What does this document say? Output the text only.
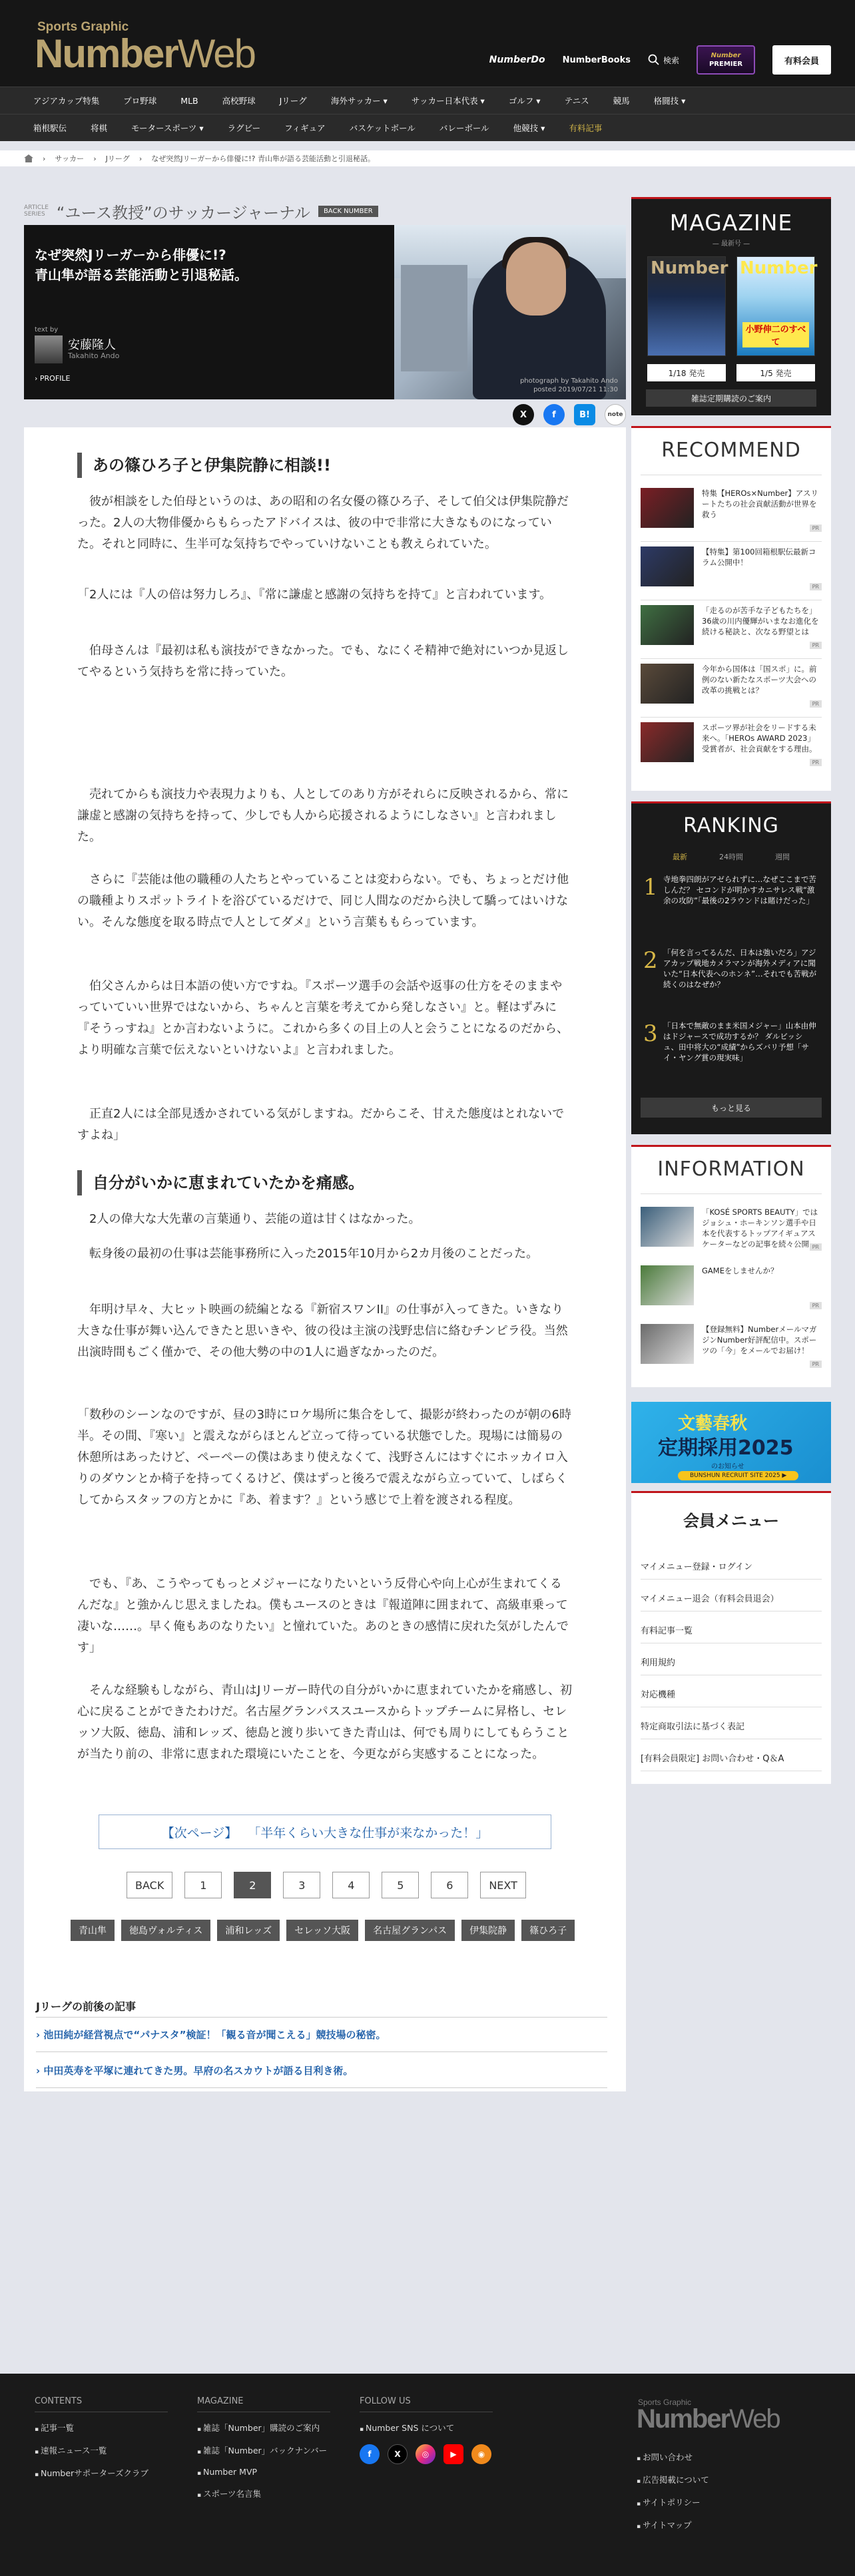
Sports Graphic
NumberWeb	NumberDo NumberBooks	検索	Number
PREMIER	有料会員
アジアカップ特集	プロ野球	MLB	高校野球	Jリーグ	海外サッカー ▾	サッカー日本代表 ▾	ゴルフ ▾	テニス	競馬	格闘技 ▾
箱根駅伝	将棋	モータースポーツ ▾	ラグビー	フィギュア	バスケットボール	バレーボール	他競技 ▾	有料記事
› サッカー › Jリーグ › なぜ突然Jリーガーから俳優に!? 青山隼が語る芸能活動と引退秘話。
ARTICLE
SERIES “ユース教授”のサッカージャーナル	BACK NUMBER
なぜ突然Jリーガーから俳優に!?
青山隼が語る芸能活動と引退秘話。
text by
安藤隆人
Takahito Ando
› PROFILE	photograph by Takahito Ando
posted 2019/07/21 11:30
X	f	B!	note
あの篠ひろ子と伊集院静に相談!!

彼が相談をした伯母というのは、あの昭和の名女優の篠ひろ子、そして伯父は伊集院静だった。2人の大物俳優からもらったアドバイスは、彼の中で非常に大きなものになっていた。それと同時に、生半可な気持ちでやっていけないことも教えられていた。

「2人には『人の倍は努力しろ』、『常に謙虚と感謝の気持ちを持て』と言われています。

伯母さんは『最初は私も演技ができなかった。でも、なにくそ精神で絶対にいつか見返してやるという気持ちを常に持っていた。

売れてからも演技力や表現力よりも、人としてのあり方がそれらに反映されるから、常に謙虚と感謝の気持ちを持って、少しでも人から応援されるようにしなさい』と言われました。

さらに『芸能は他の職種の人たちとやっていることは変わらない。でも、ちょっとだけ他の職種よりスポットライトを浴びているだけで、同じ人間なのだから決して驕ってはいけない。そんな態度を取る時点で人としてダメ』という言葉ももらっています。

伯父さんからは日本語の使い方ですね。『スポーツ選手の会話や返事の仕方をそのままやっていていい世界ではないから、ちゃんと言葉を考えてから発しなさい』と。軽はずみに『そうっすね』とか言わないように。これから多くの目上の人と会うことになるのだから、より明確な言葉で伝えないといけないよ』と言われました。

正直2人には全部見透かされている気がしますね。だからこそ、甘えた態度はとれないですよね」

自分がいかに恵まれていたかを痛感。

2人の偉大な大先輩の言葉通り、芸能の道は甘くはなかった。

転身後の最初の仕事は芸能事務所に入った2015年10月から2カ月後のことだった。

年明け早々、大ヒット映画の続編となる『新宿スワンII』の仕事が入ってきた。いきなり大きな仕事が舞い込んできたと思いきや、彼の役は主演の浅野忠信に絡むチンピラ役。当然出演時間もごく僅かで、その他大勢の中の1人に過ぎなかったのだ。

「数秒のシーンなのですが、昼の3時にロケ場所に集合をして、撮影が終わったのが朝の6時半。その間、『寒い』と震えながらほとんど立って待っている状態でした。現場には簡易の休憩所はあったけど、ペーペーの僕はあまり使えなくて、浅野さんにはすぐにホッカイロ入りのダウンとか椅子を持ってくるけど、僕はずっと後ろで震えながら立っていて、しばらくしてからスタッフの方とかに『あ、着ます？』という感じで上着を渡される程度。

でも、『あ、こうやってもっとメジャーになりたいという反骨心や向上心が生まれてくるんだな』と強かんじ思えましたね。僕もユースのときは『報道陣に囲まれて、高級車乗って凄いな……。早く俺もあのなりたい』と憧れていた。あのときの感情に戻れた気がしたんです」

そんな経験もしながら、青山はJリーガー時代の自分がいかに恵まれていたかを痛感し、初心に戻ることができたわけだ。名古屋グランパススユースからトップチームに昇格し、セレッソ大阪、徳島、浦和レッズ、徳島と渡り歩いてきた青山は、何でも周りにしてもらうことが当たり前の、非常に恵まれた環境にいたことを、今更ながら実感することになった。

【次ページ】 「半年くらい大きな仕事が来なかった！」
BACK	1	2	3	4	5	6	NEXT
青山隼	徳島ヴォルティス	浦和レッズ	セレッソ大阪	名古屋グランパス	伊集院静	篠ひろ子
Jリーグの前後の記事
› 池田純が経営視点で“パナスタ”検証！「観る音が聞こえる」競技場の秘密。
› 中田英寿を平塚に連れてきた男。早府の名スカウトが語る目利き術。
MAGAZINE
— 最新号 —
Number Number
小野伸二のすべて
1/18 発売	1/5 発売
雑誌定期購読のご案内
RECOMMEND
特集【HEROs×Number】アスリートたちの社会貢献活動が世界を救う
PR
【特集】第100回箱根駅伝最新コラム公開中！
PR
「走るのが苦手な子どもたちを」36歳の川内優輝がいまなお進化を続ける秘訣と、次なる野望とは
PR
今年から国体は「国スポ」に。前例のない新たなスポーツ大会への改革の挑戦とは？
PR
スポーツ界が社会をリードする未来へ。「HEROs AWARD 2023」受賞者が、社会貢献をする理由。
PR
RANKING
最新	24時間	週間
もっと見る
1 寺地拳四朗がアゼられずに…なぜここまで苦しんだ？ セコンドが明かすカニサレス戦“激余の攻防”「最後の2ラウンドは賭けだった」
2 「何を言ってるんだ、日本は強いだろ」アジアカップ戦地カメラマンが海外メディアに聞いた“日本代表へのホンネ”…それでも苦戦が続くのはなぜか？
3 「日本で無敵のまま米国メジャー」山本由伸はドジャースで成功するか？ ダルビッシュ、田中将大の“成績”からズバリ予想「サイ・ヤング賞の現実味」
INFORMATION
「KOSÉ SPORTS BEAUTY」ではジョシュ・ホーキンソン選手や日本を代表するトップアイギュアスケーターなどの記事を続々公開 PR
GAMEをしませんか？
PR
【登録無料】NumberメールマガジンNumber好評配信中。スポーツの「今」をメールでお届け！
PR
文藝春秋
定期採用2025
のお知らせ
BUNSHUN RECRUIT SITE 2025 ▶
会員メニュー
マイメニュー登録・ログイン
マイメニュー退会（有料会員退会）
有料記事一覧
利用規約
対応機種
特定商取引法に基づく表記
[有料会員限定] お問い合わせ・Q＆A
CONTENTS
▪ 記事一覧
▪ 速報ニュース一覧
▪ Numberサポーターズクラブ
MAGAZINE
▪ 雑誌「Number」購読のご案内
▪ 雑誌「Number」バックナンバー
▪ Number MVP
▪ スポーツ名言集
FOLLOW US
▪ Number SNS について
f	X	◎	▶	◉
Sports Graphic
NumberWeb
▪ お問い合わせ
▪ 広告掲載について
▪ サイトポリシー
▪ サイトマップ
